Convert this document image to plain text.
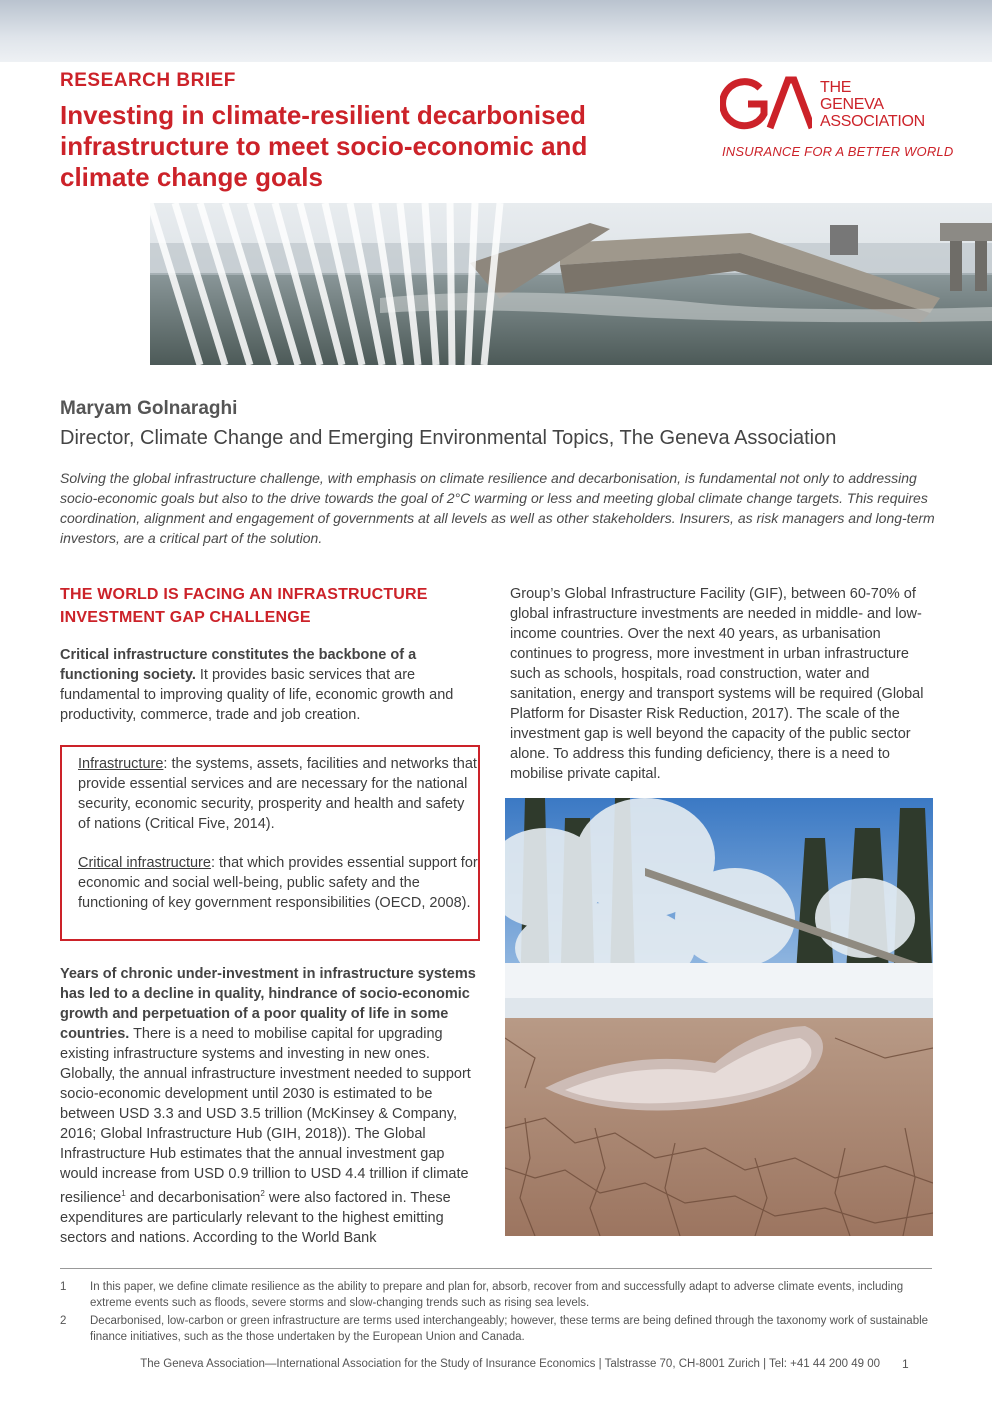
RESEARCH BRIEF
Investing in climate-resilient decarbonised infrastructure to meet socio-economic and climate change goals
THE
GENEVA
ASSOCIATION
INSURANCE FOR A BETTER WORLD
Maryam Golnaraghi
Director, Climate Change and Emerging Environmental Topics, The Geneva Association
Solving the global infrastructure challenge, with emphasis on climate resilience and decarbonisation, is fundamental not only to addressing socio-economic goals but also to the drive towards the goal of 2°C warming or less and meeting global climate change targets. This requires coordination, alignment and engagement of governments at all levels as well as other stakeholders. Insurers, as risk managers and long-term investors, are a critical part of the solution.
THE WORLD IS FACING AN INFRASTRUCTURE INVESTMENT GAP CHALLENGE
Critical infrastructure constitutes the backbone of a functioning society. It provides basic services that are fundamental to improving quality of life, economic growth and productivity, commerce, trade and job creation.
Infrastructure: the systems, assets, facilities and networks that provide essential services and are necessary for the national security, economic security, prosperity and health and safety of nations (Critical Five, 2014).
Critical infrastructure: that which provides essential support for economic and social well-being, public safety and the functioning of key government responsibilities (OECD, 2008).
Years of chronic under-investment in infrastructure systems has led to a decline in quality, hindrance of socio-economic growth and perpetuation of a poor quality of life in some countries. There is a need to mobilise capital for upgrading existing infrastructure systems and investing in new ones. Globally, the annual infrastructure investment needed to support socio-economic development until 2030 is estimated to be between USD 3.3 and USD 3.5 trillion (McKinsey & Company, 2016; Global Infrastructure Hub (GIH, 2018)). The Global Infrastructure Hub estimates that the annual investment gap would increase from USD 0.9 trillion to USD 4.4 trillion if climate resilience$^1$ and decarbonisation$^2$ were also factored in. These expenditures are particularly relevant to the highest emitting sectors and nations. According to the World Bank
Group’s Global Infrastructure Facility (GIF), between 60-70% of global infrastructure investments are needed in middle- and low-income countries. Over the next 40 years, as urbanisation continues to progress, more investment in urban infrastructure such as schools, hospitals, road construction, water and sanitation, energy and transport systems will be required (Global Platform for Disaster Risk Reduction, 2017). The scale of the investment gap is well beyond the capacity of the public sector alone. To address this funding deficiency, there is a need to mobilise private capital.
1 In this paper, we define climate resilience as the ability to prepare and plan for, absorb, recover from and successfully adapt to adverse climate events, including extreme events such as floods, severe storms and slow-changing trends such as rising sea levels.
2 Decarbonised, low-carbon or green infrastructure are terms used interchangeably; however, these terms are being defined through the taxonomy work of sustainable finance initiatives, such as the those undertaken by the European Union and Canada.
The Geneva Association—International Association for the Study of Insurance Economics | Talstrasse 70, CH-8001 Zurich | Tel: +41 44 200 49 00 1
